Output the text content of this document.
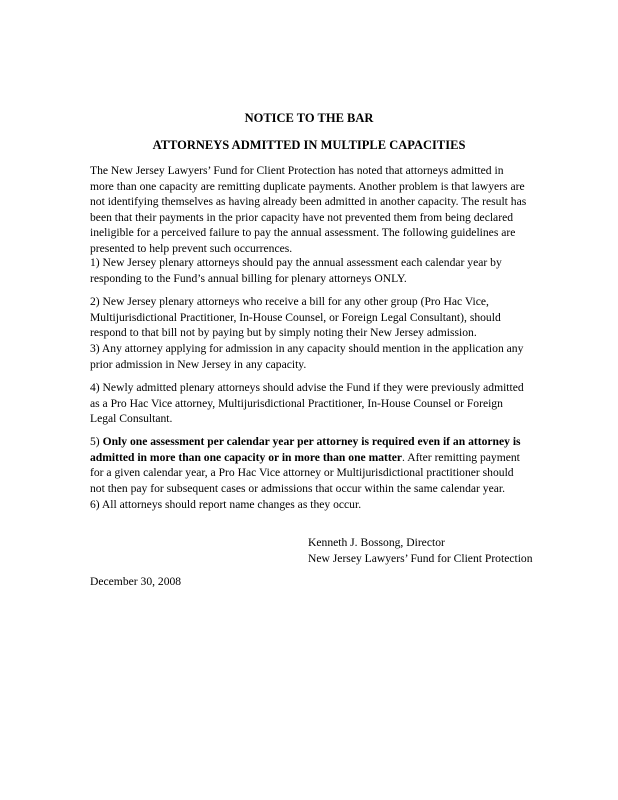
NOTICE TO THE BAR
ATTORNEYS ADMITTED IN MULTIPLE CAPACITIES

The New Jersey Lawyers’ Fund for Client Protection has noted that attorneys admitted in more than one capacity are remitting duplicate payments. Another problem is that lawyers are not identifying themselves as having already been admitted in another capacity. The result has been that their payments in the prior capacity have not prevented them from being declared ineligible for a perceived failure to pay the annual assessment. The following guidelines are presented to help prevent such occurrences.

1) New Jersey plenary attorneys should pay the annual assessment each calendar year by responding to the Fund’s annual billing for plenary attorneys ONLY.

2) New Jersey plenary attorneys who receive a bill for any other group (Pro Hac Vice, Multijurisdictional Practitioner, In-House Counsel, or Foreign Legal Consultant), should respond to that bill not by paying but by simply noting their New Jersey admission.

3) Any attorney applying for admission in any capacity should mention in the application any prior admission in New Jersey in any capacity.

4) Newly admitted plenary attorneys should advise the Fund if they were previously admitted as a Pro Hac Vice attorney, Multijurisdictional Practitioner, In-House Counsel or Foreign Legal Consultant.

5) Only one assessment per calendar year per attorney is required even if an attorney is admitted in more than one capacity or in more than one matter. After remitting payment for a given calendar year, a Pro Hac Vice attorney or Multijurisdictional practitioner should not then pay for subsequent cases or admissions that occur within the same calendar year.

6) All attorneys should report name changes as they occur.

Kenneth J. Bossong, Director
New Jersey Lawyers’ Fund for Client Protection

December 30, 2008
